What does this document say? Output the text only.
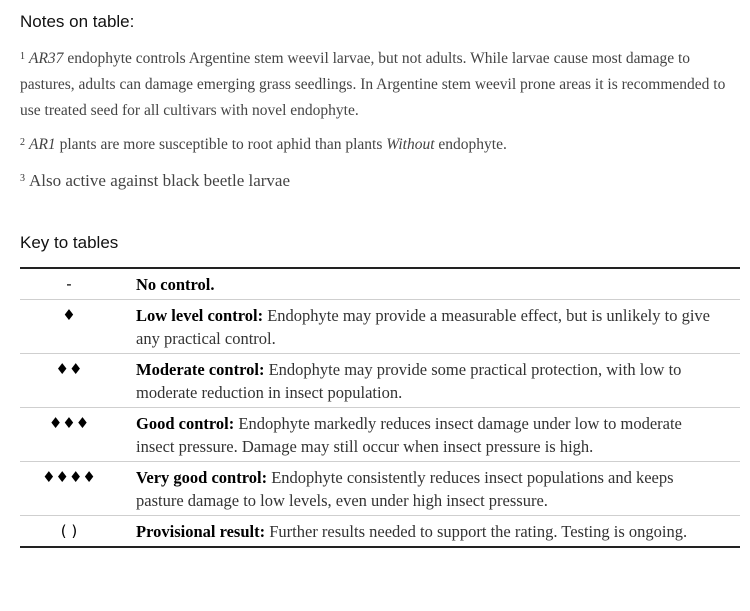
Notes on table:
$^1$ AR37 endophyte controls Argentine stem weevil larvae, but not adults. While larvae cause most damage to pastures, adults can damage emerging grass seedlings. In Argentine stem weevil prone areas it is recommended to use treated seed for all cultivars with novel endophyte.
$^2$ AR1 plants are more susceptible to root aphid than plants Without endophyte.
$^3$ Also active against black beetle larvae
Key to tables
-	No control.
♦	Low level control: Endophyte may provide a measurable effect, but is unlikely to give any practical control.
♦♦	Moderate control: Endophyte may provide some practical protection, with low to moderate reduction in insect population.
♦♦♦	Good control: Endophyte markedly reduces insect damage under low to moderate insect pressure. Damage may still occur when insect pressure is high.
♦♦♦♦	Very good control: Endophyte consistently reduces insect populations and keeps pasture damage to low levels, even under high insect pressure.
( )	Provisional result: Further results needed to support the rating. Testing is ongoing.
